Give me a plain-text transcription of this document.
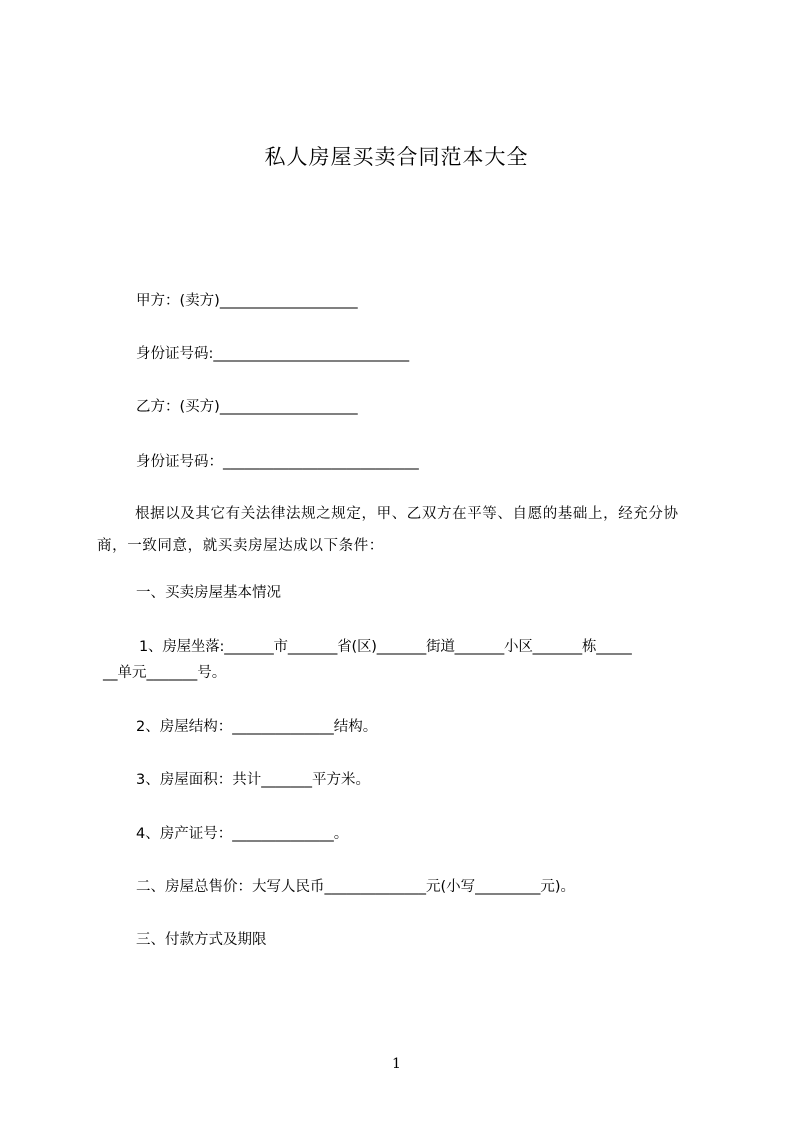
私人房屋买卖合同范本大全
甲方：(卖方)___________________
身份证号码:___________________________
乙方：(买方)___________________
身份证号码：___________________________
根据以及其它有关法律法规之规定，甲、乙双方在平等、自愿的基础上，经充分协商，一致同意，就买卖房屋达成以下条件：
一、买卖房屋基本情况
1、房屋坐落:_______市_______省(区)_______街道_______小区_______栋_____
__单元_______号。
2、房屋结构：______________结构。
3、房屋面积：共计_______平方米。
4、房产证号：______________。
二、房屋总售价：大写人民币______________元(小写_________元)。
三、付款方式及期限
1
